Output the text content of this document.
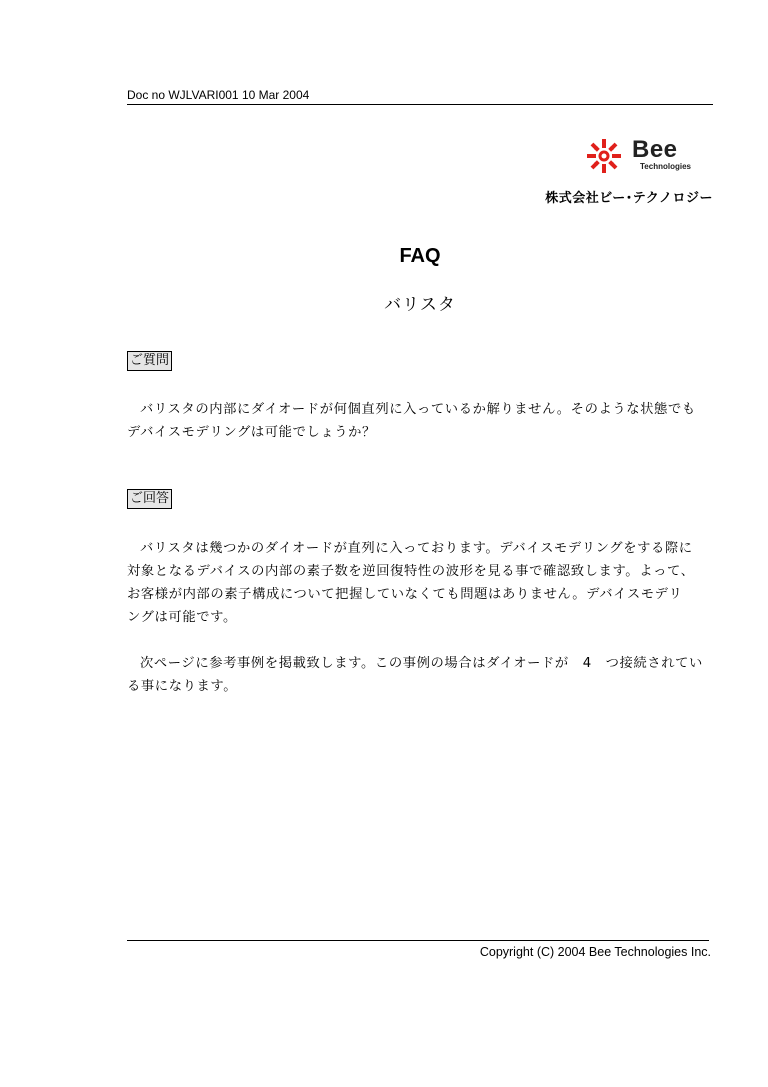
Doc no WJLVARI001 10 Mar 2004
Bee
Technologies
株式会社ビー･テクノロジー
FAQ
バリスタ
ご質問

バリスタの内部にダイオードが何個直列に入っているか解りません。そのような状態でも
デバイスモデリングは可能でしょうか？

ご回答

バリスタは幾つかのダイオードが直列に入っております。デバイスモデリングをする際に
対象となるデバイスの内部の素子数を逆回復特性の波形を見る事で確認致します。よって、
お客様が内部の素子構成について把握していなくても問題はありません。デバイスモデリ
ングは可能です。

次ページに参考事例を掲載致します。この事例の場合はダイオードが　4　つ接続されてい
る事になります。

Copyright (C) 2004 Bee Technologies Inc.
